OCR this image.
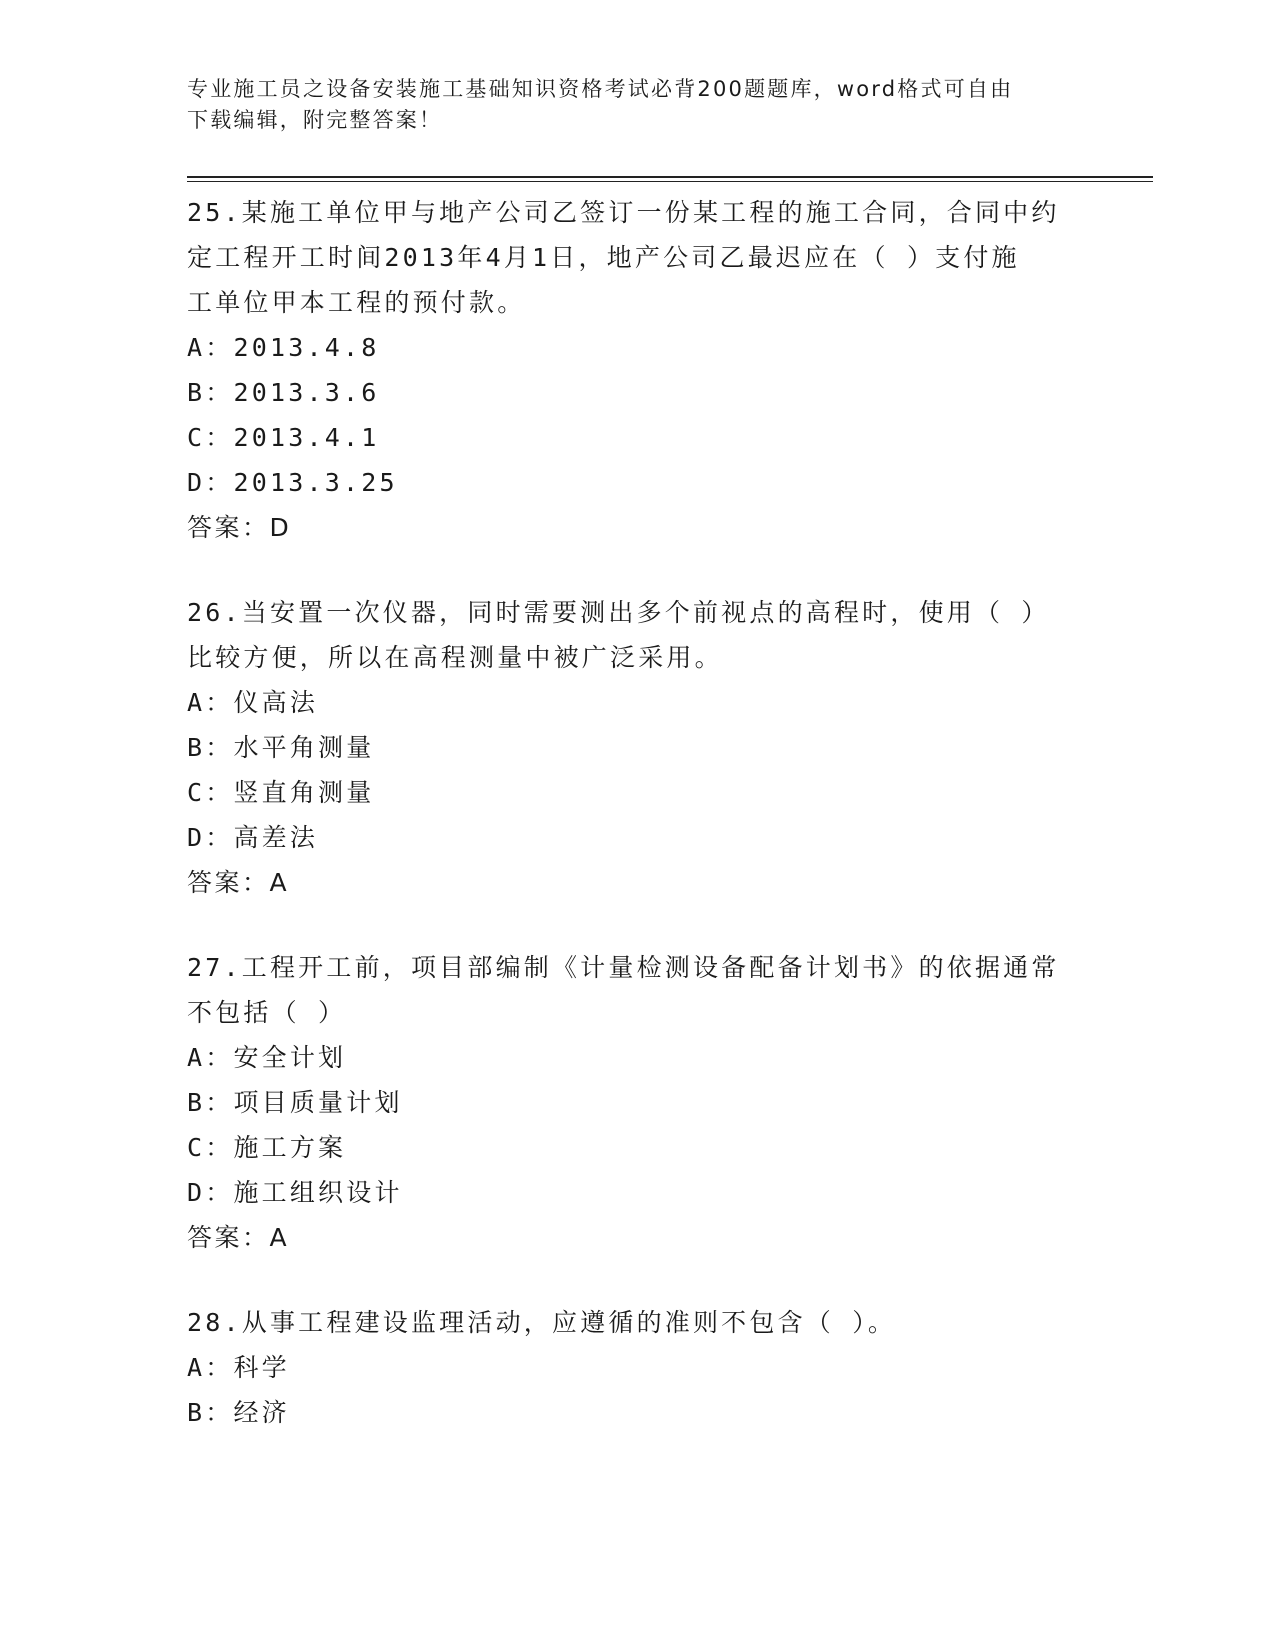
专业施工员之设备安装施工基础知识资格考试必背200题题库，word格式可自由
下载编辑，附完整答案！

25.某施工单位甲与地产公司乙签订一份某工程的施工合同，合同中约

定工程开工时间2013年4月1日，地产公司乙最迟应在（ ）支付施

工单位甲本工程的预付款。

A：2013.4.8

B：2013.3.6

C：2013.4.1

D：2013.3.25

答案：D

26.当安置一次仪器，同时需要测出多个前视点的高程时，使用（ ）

比较方便，所以在高程测量中被广泛采用。

A：仪高法

B：水平角测量

C：竖直角测量

D：高差法

答案：A

27.工程开工前，项目部编制《计量检测设备配备计划书》的依据通常

不包括（ ）

A：安全计划

B：项目质量计划

C：施工方案

D：施工组织设计

答案：A

28.从事工程建设监理活动，应遵循的准则不包含（ ）。

A：科学

B：经济
